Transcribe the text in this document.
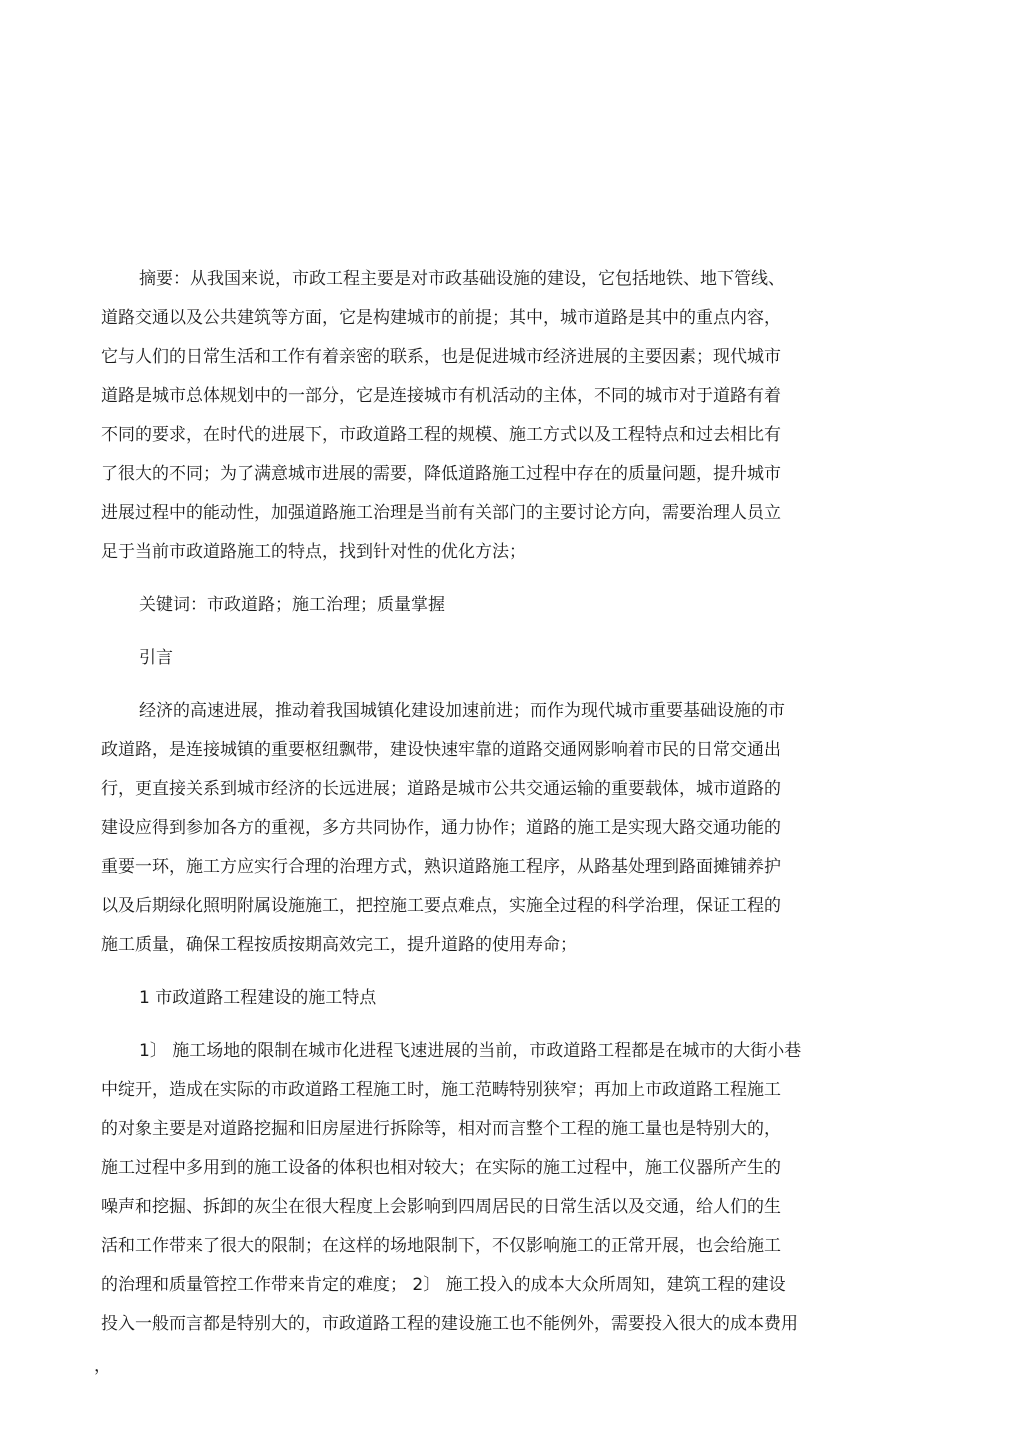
摘要：从我国来说，市政工程主要是对市政基础设施的建设，它包括地铁、地下管线、
道路交通以及公共建筑等方面，它是构建城市的前提；其中，城市道路是其中的重点内容，
它与人们的日常生活和工作有着亲密的联系，也是促进城市经济进展的主要因素；现代城市
道路是城市总体规划中的一部分，它是连接城市有机活动的主体，不同的城市对于道路有着
不同的要求，在时代的进展下，市政道路工程的规模、施工方式以及工程特点和过去相比有
了很大的不同；为了满意城市进展的需要，降低道路施工过程中存在的质量问题，提升城市
进展过程中的能动性，加强道路施工治理是当前有关部门的主要讨论方向，需要治理人员立
足于当前市政道路施工的特点，找到针对性的优化方法；
关键词：市政道路；施工治理；质量掌握
引言
经济的高速进展，推动着我国城镇化建设加速前进；而作为现代城市重要基础设施的市
政道路，是连接城镇的重要枢纽飘带，建设快速牢靠的道路交通网影响着市民的日常交通出
行，更直接关系到城市经济的长远进展；道路是城市公共交通运输的重要载体，城市道路的
建设应得到参加各方的重视，多方共同协作，通力协作；道路的施工是实现大路交通功能的
重要一环，施工方应实行合理的治理方式，熟识道路施工程序，从路基处理到路面摊铺养护
以及后期绿化照明附属设施施工，把控施工要点难点，实施全过程的科学治理，保证工程的
施工质量，确保工程按质按期高效完工，提升道路的使用寿命；
1 市政道路工程建设的施工特点
1〕 施工场地的限制在城市化进程飞速进展的当前，市政道路工程都是在城市的大街小巷
中绽开，造成在实际的市政道路工程施工时，施工范畴特别狭窄；再加上市政道路工程施工
的对象主要是对道路挖掘和旧房屋进行拆除等，相对而言整个工程的施工量也是特别大的，
施工过程中多用到的施工设备的体积也相对较大；在实际的施工过程中，施工仪器所产生的
噪声和挖掘、拆卸的灰尘在很大程度上会影响到四周居民的日常生活以及交通，给人们的生
活和工作带来了很大的限制；在这样的场地限制下，不仅影响施工的正常开展，也会给施工
的治理和质量管控工作带来肯定的难度； 2〕 施工投入的成本大众所周知，建筑工程的建设
投入一般而言都是特别大的，市政道路工程的建设施工也不能例外，需要投入很大的成本费用
，
